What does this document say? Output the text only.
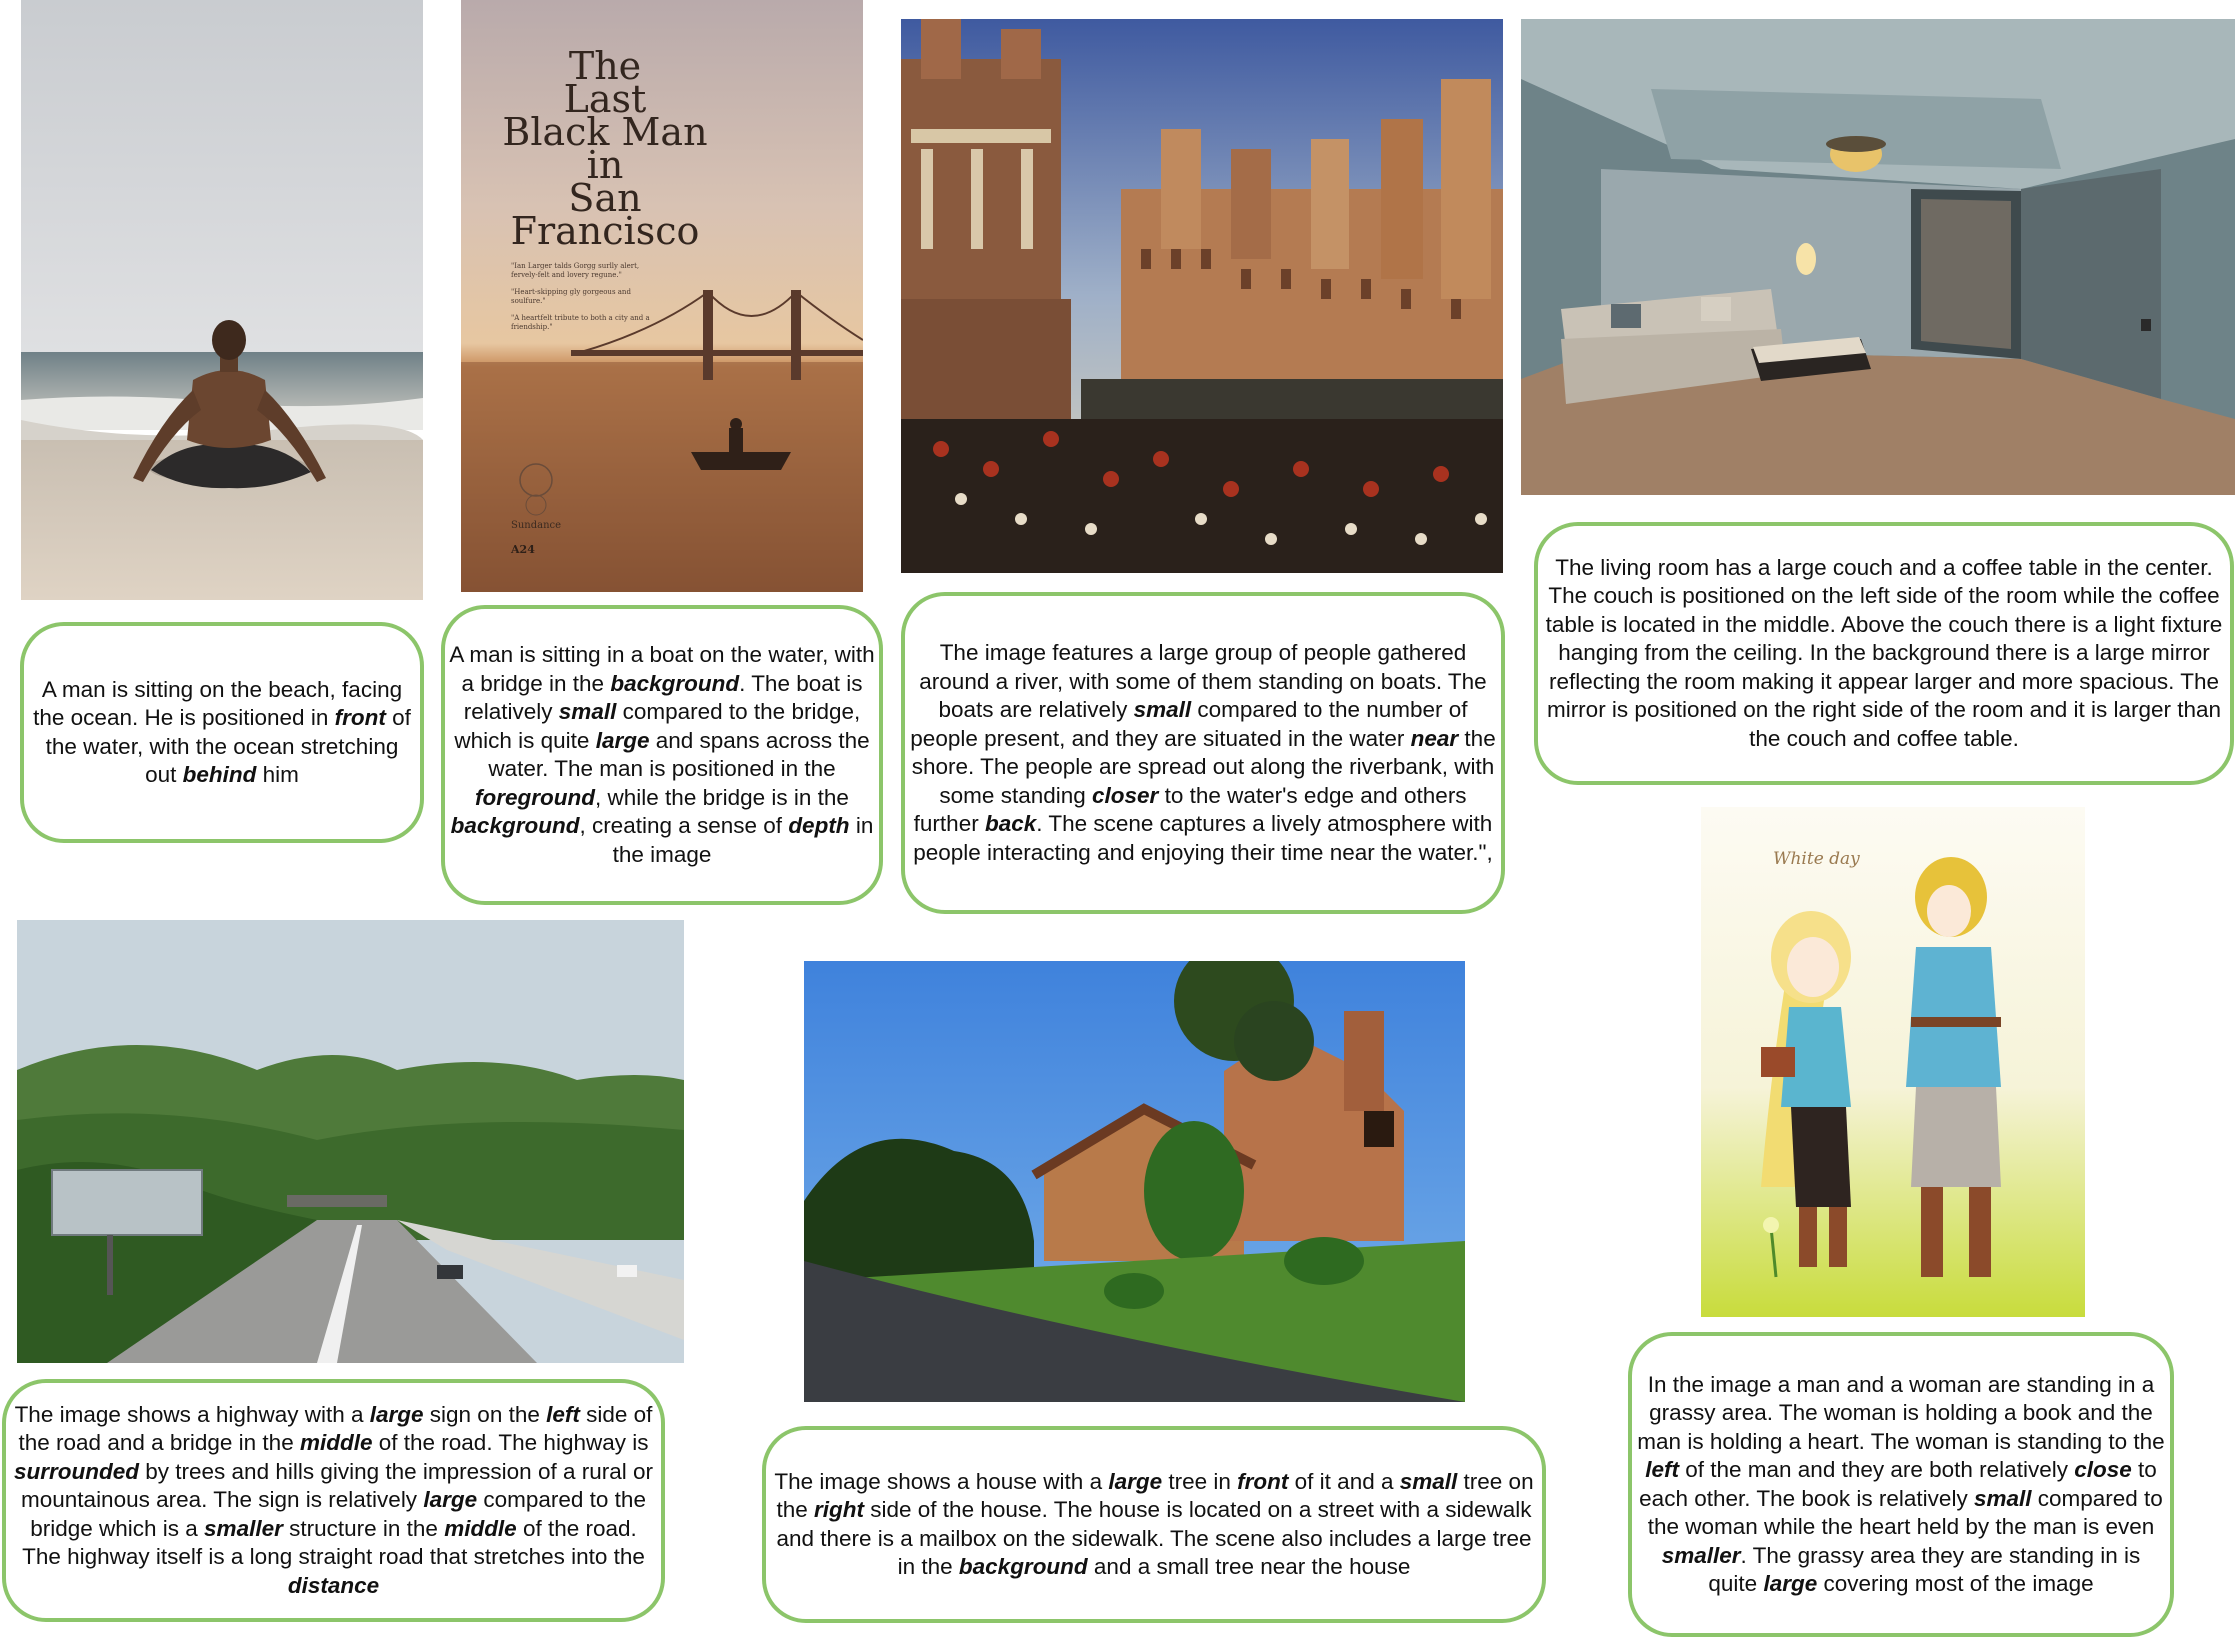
A man is sitting on the beach, facing the ocean. He is positioned in front of the water, with the ocean stretching out behind him

The
Last
Black Man
in
San
Francisco
"Ian Larger talds Gorgg surlly alert, fervely-felt and lovery regune."
"Heart-skipping gly gorgeous and soulfure."
"A heartfelt tribute to both a city and a friendship."
Sundance
A24

A man is sitting in a boat on the water, with a bridge in the background. The boat is relatively small compared to the bridge, which is quite large and spans across the water. The man is positioned in the foreground, while the bridge is in the background, creating a sense of depth in the image

The image features a large group of people gathered around a river, with some of them standing on boats. The boats are relatively small compared to the number of people present, and they are situated in the water near the shore. The people are spread out along the riverbank, with some standing closer to the water's edge and others further back. The scene captures a lively atmosphere with people interacting and enjoying their time near the water.",

The living room has a large couch and a coffee table in the center. The couch is positioned on the left side of the room while the coffee table is located in the middle. Above the couch there is a light fixture hanging from the ceiling. In the background there is a large mirror reflecting the room making it appear larger and more spacious. The mirror is positioned on the right side of the room and it is larger than the couch and coffee table.

White day

In the image a man and a woman are standing in a grassy area. The woman is holding a book and the man is holding a heart. The woman is standing to the left of the man and they are both relatively close to each other. The book is relatively small compared to the woman while the heart held by the man is even smaller. The grassy area they are standing in is quite large covering most of the image

The image shows a highway with a large sign on the left side of the road and a bridge in the middle of the road. The highway is surrounded by trees and hills giving the impression of a rural or mountainous area. The sign is relatively large compared to the bridge which is a smaller structure in the middle of the road. The highway itself is a long straight road that stretches into the distance

The image shows a house with a large tree in front of it and a small tree on the right side of the house. The house is located on a street with a sidewalk and there is a mailbox on the sidewalk. The scene also includes a large tree in the background and a small tree near the house
